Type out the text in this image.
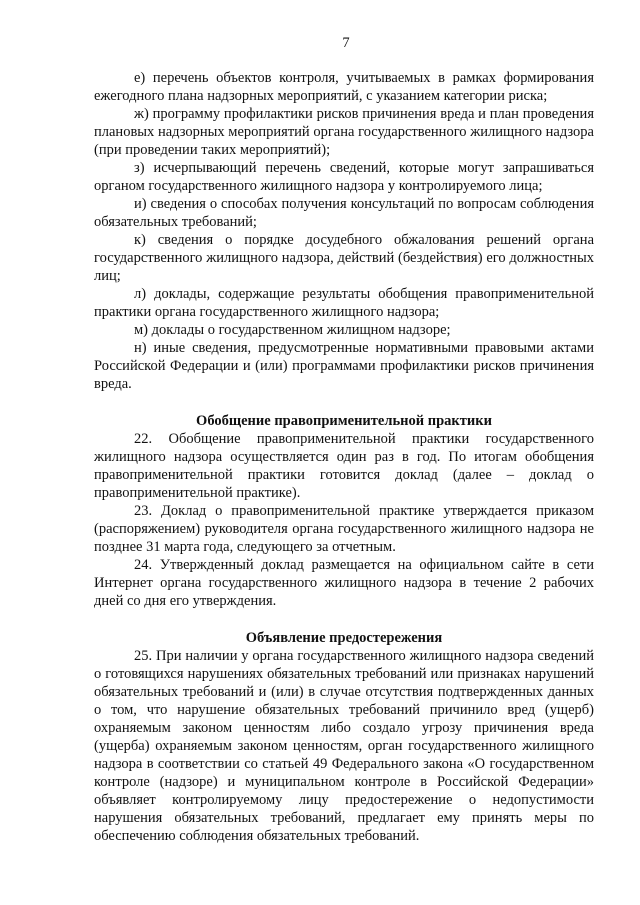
7

е) перечень объектов контроля, учитываемых в рамках формирования ежегодного плана надзорных мероприятий, с указанием категории риска;

ж) программу профилактики рисков причинения вреда и план проведения плановых надзорных мероприятий органа государственного жилищного надзора (при проведении таких мероприятий);

з) исчерпывающий перечень сведений, которые могут запрашиваться органом государственного жилищного надзора у контролируемого лица;

и) сведения о способах получения консультаций по вопросам соблюдения обязательных требований;

к) сведения о порядке досудебного обжалования решений органа государственного жилищного надзора, действий (бездействия) его должностных лиц;

л) доклады, содержащие результаты обобщения правоприменительной практики органа государственного жилищного надзора;

м) доклады о государственном жилищном надзоре;

н) иные сведения, предусмотренные нормативными правовыми актами Российской Федерации и (или) программами профилактики рисков причинения вреда.

Обобщение правоприменительной практики

22. Обобщение правоприменительной практики государственного жилищного надзора осуществляется один раз в год. По итогам обобщения правоприменительной практики готовится доклад (далее – доклад о правоприменительной практике).

23. Доклад о правоприменительной практике утверждается приказом (распоряжением) руководителя органа государственного жилищного надзора не позднее 31 марта года, следующего за отчетным.

24. Утвержденный доклад размещается на официальном сайте в сети Интернет органа государственного жилищного надзора в течение 2 рабочих дней со дня его утверждения.

Объявление предостережения

25. При наличии у органа государственного жилищного надзора сведений о готовящихся нарушениях обязательных требований или признаках нарушений обязательных требований и (или) в случае отсутствия подтвержденных данных о том, что нарушение обязательных требований причинило вред (ущерб) охраняемым законом ценностям либо создало угрозу причинения вреда (ущерба) охраняемым законом ценностям, орган государственного жилищного надзора в соответствии со статьей 49 Федерального закона «О государственном контроле (надзоре) и муниципальном контроле в Российской Федерации» объявляет контролируемому лицу предостережение о недопустимости нарушения обязательных требований, предлагает ему принять меры по обеспечению соблюдения обязательных требований.
